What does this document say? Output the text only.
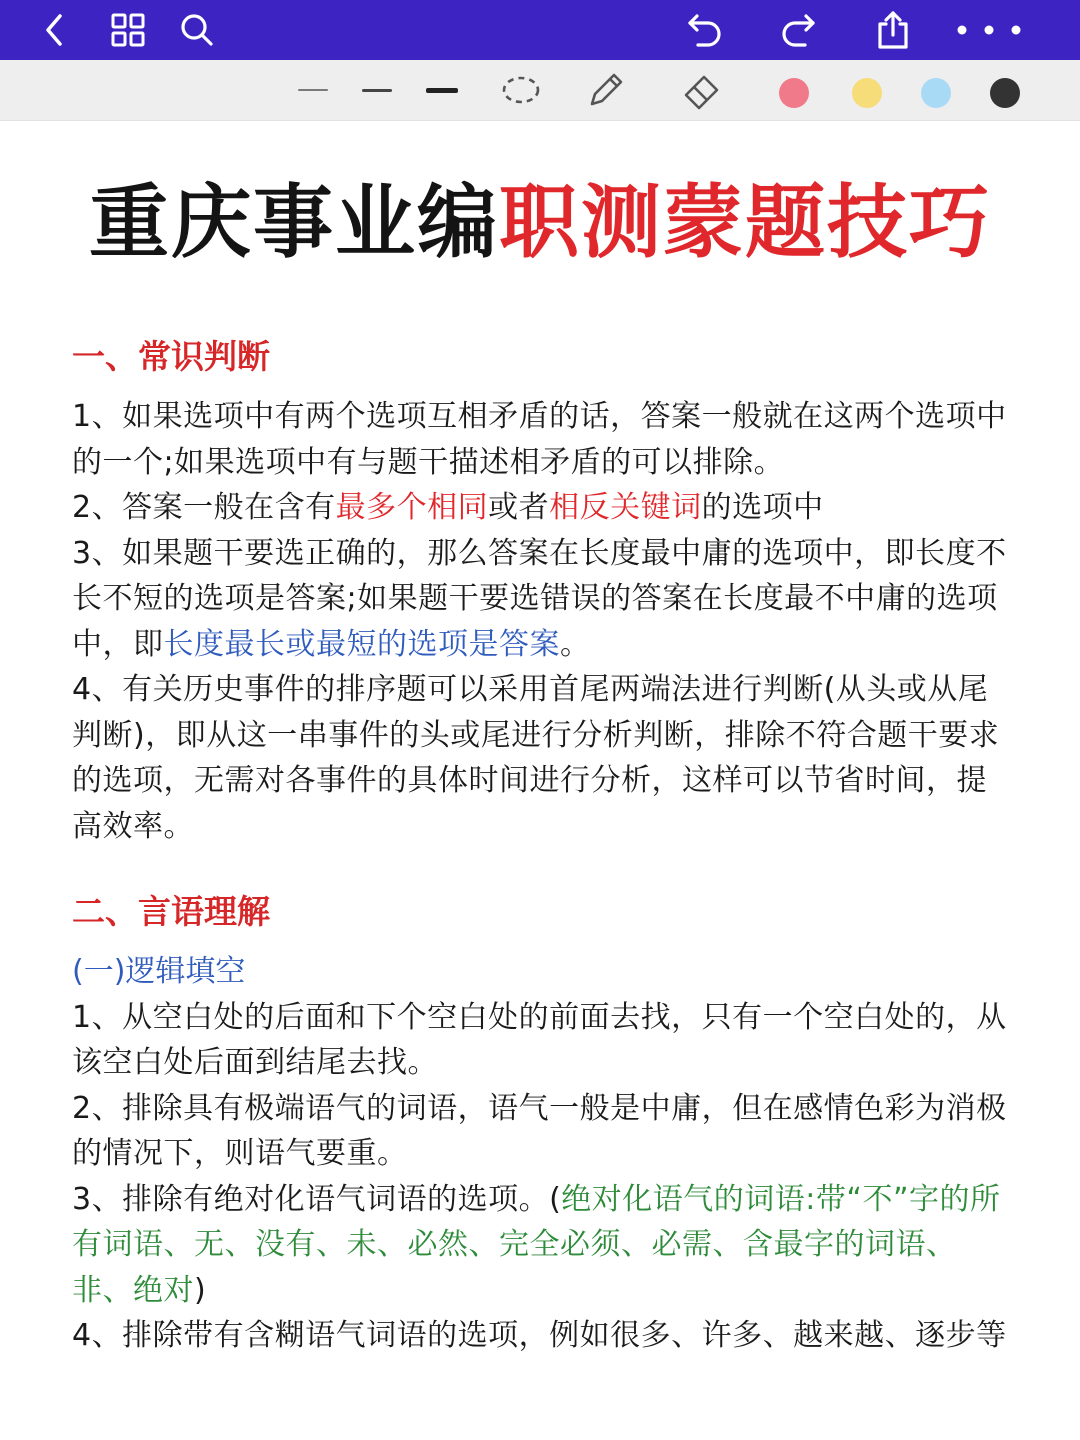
重庆事业编职测蒙题技巧

一、常识判断

1、如果选项中有两个选项互相矛盾的话，答案一般就在这两个选项中的一个;如果选项中有与题干描述相矛盾的可以排除。

2、答案一般在含有最多个相同或者相反关键词的选项中

3、如果题干要选正确的，那么答案在长度最中庸的选项中，即长度不长不短的选项是答案;如果题干要选错误的答案在长度最不中庸的选项中，即长度最长或最短的选项是答案。

4、有关历史事件的排序题可以采用首尾两端法进行判断(从头或从尾判断)，即从这一串事件的头或尾进行分析判断，排除不符合题干要求的选项，无需对各事件的具体时间进行分析，这样可以节省时间，提高效率。

二、言语理解

(一)逻辑填空

1、从空白处的后面和下个空白处的前面去找，只有一个空白处的，从该空白处后面到结尾去找。

2、排除具有极端语气的词语，语气一般是中庸，但在感情色彩为消极的情况下，则语气要重。

3、排除有绝对化语气词语的选项。(绝对化语气的词语:带“不”字的所有词语、无、没有、未、必然、完全必须、必需、含最字的词语、非、绝对)

4、排除带有含糊语气词语的选项，例如很多、许多、越来越、逐步等
